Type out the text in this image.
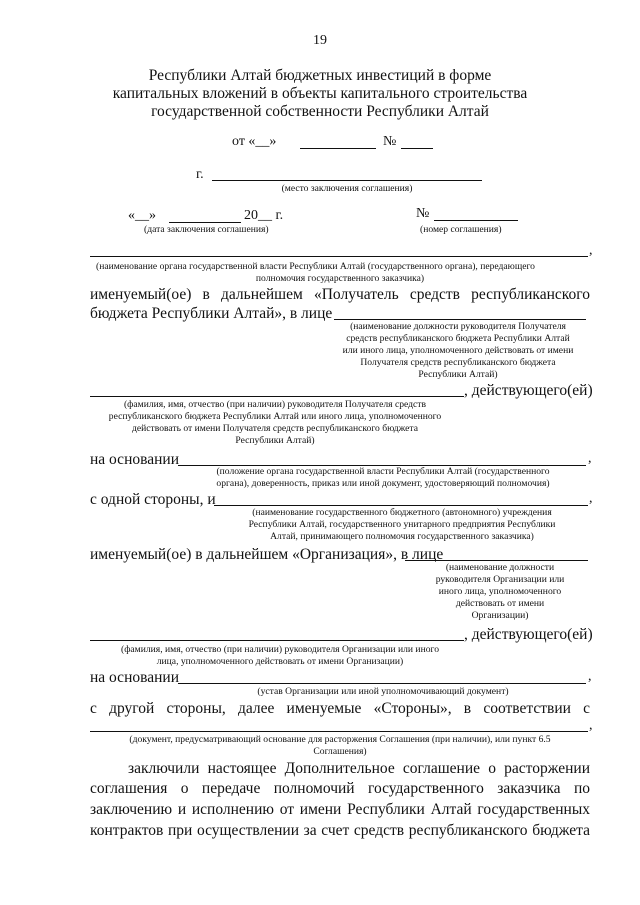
19
Республики Алтай бюджетных инвестиций в форме
капитальных вложений в объекты капитального строительства
государственной собственности Республики Алтай
от «__»	№
г.
(место заключения соглашения)
«__»	20__ г.
(дата заключения соглашения)
№
(номер соглашения)
,
(наименование органа государственной власти Республики Алтай (государственного органа), передающего
полномочия государственного заказчика)
именуемый(ое) в дальнейшем «Получатель средств республиканского
бюджета Республики Алтай», в лице
(наименование должности руководителя Получателя
средств республиканского бюджета Республики Алтай
или иного лица, уполномоченного действовать от имени
Получателя средств республиканского бюджета
Республики Алтай)
, действующего(ей)
(фамилия, имя, отчество (при наличии) руководителя Получателя средств
республиканского бюджета Республики Алтай или иного лица, уполномоченного
действовать от имени Получателя средств республиканского бюджета
Республики Алтай)
на основании	,
(положение органа государственной власти Республики Алтай (государственного
органа), доверенность, приказ или иной документ, удостоверяющий полномочия)
с одной стороны, и	,
(наименование государственного бюджетного (автономного) учреждения
Республики Алтай, государственного унитарного предприятия Республики
Алтай, принимающего полномочия государственного заказчика)
именуемый(ое) в дальнейшем «Организация», в лице
(наименование должности
руководителя Организации или
иного лица, уполномоченного
действовать от имени
Организации)
, действующего(ей)
(фамилия, имя, отчество (при наличии) руководителя Организации или иного
лица, уполномоченного действовать от имени Организации)
на основании	,
(устав Организации или иной уполномочивающий документ)
с другой стороны, далее именуемые «Стороны», в соответствии с
,
(документ, предусматривающий основание для расторжения Соглашения (при наличии), или пункт 6.5
Соглашения)
заключили настоящее Дополнительное соглашение о расторжении
соглашения о передаче полномочий государственного заказчика по
заключению и исполнению от имени Республики Алтай государственных
контрактов при осуществлении за счет средств республиканского бюджета
